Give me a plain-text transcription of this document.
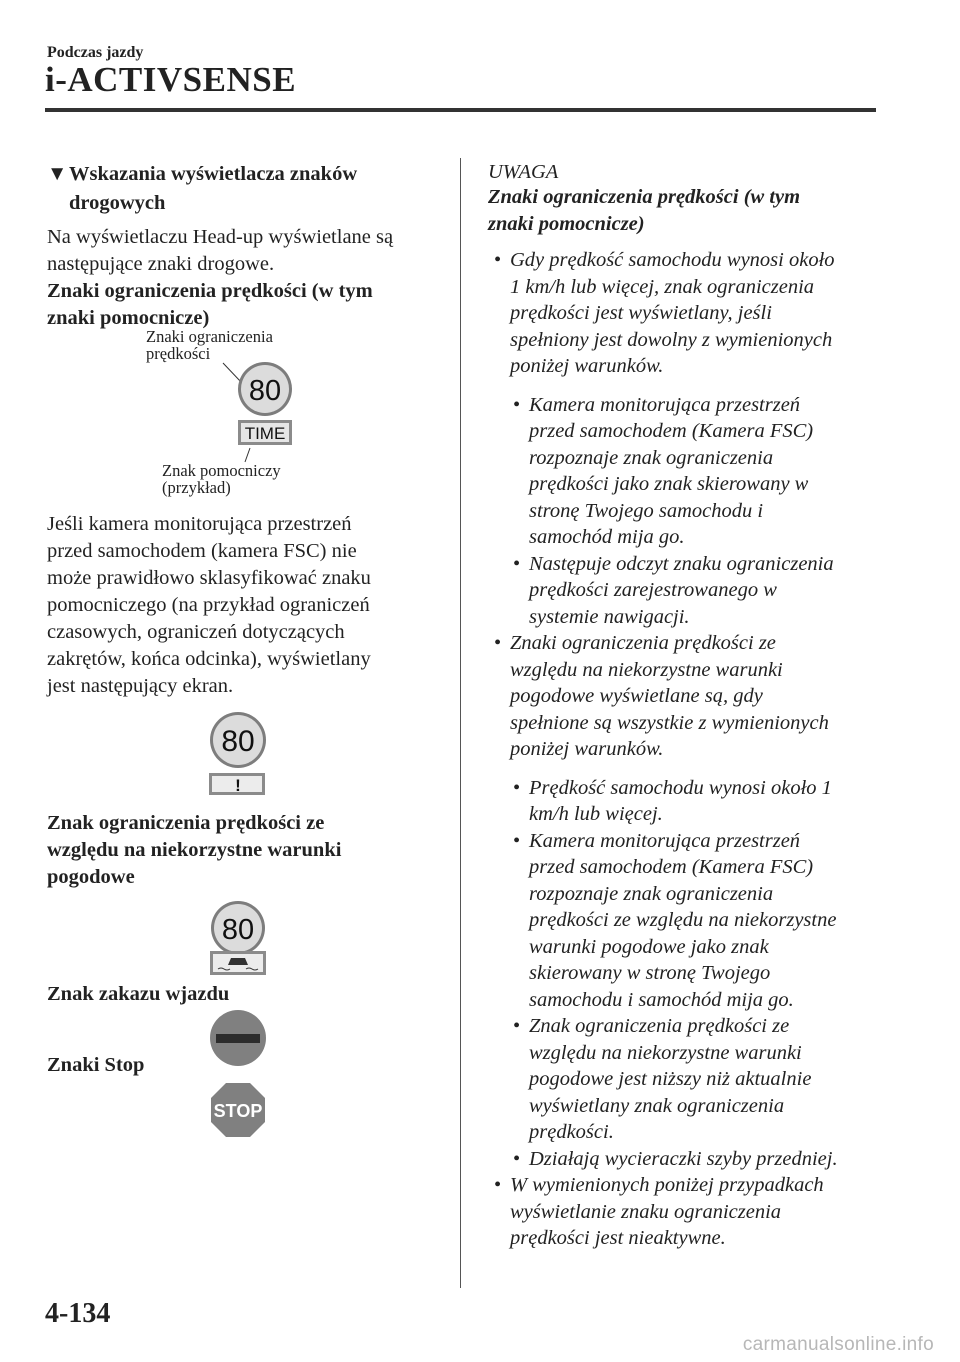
Podczas jazdy
i-ACTIVSENSE
▼Wskazania wyświetlacza znaków
drogowych

Na wyświetlaczu Head-up wyświetlane są
następujące znaki drogowe.

Znaki ograniczenia prędkości (w tym
znaki pomocnicze)

Znaki ograniczenia
prędkości
80
TIME
Znak pomocniczy
(przykład)

Jeśli kamera monitorująca przestrzeń
przed samochodem (kamera FSC) nie
może prawidłowo sklasyfikować znaku
pomocniczego (na przykład ograniczeń
czasowych, ograniczeń dotyczących
zakrętów, końca odcinka), wyświetlany
jest następujący ekran.

80
!

Znak ograniczenia prędkości ze
względu na niekorzystne warunki
pogodowe

80

Znak zakazu wjazdu

Znaki Stop

STOP
UWAGA
Znaki ograniczenia prędkości (w tym
znaki pomocnicze)
• Gdy prędkość samochodu wynosi około
1 km/h lub więcej, znak ograniczenia
prędkości jest wyświetlany, jeśli
spełniony jest dowolny z wymienionych
poniżej warunków.
• Kamera monitorująca przestrzeń
przed samochodem (Kamera FSC)
rozpoznaje znak ograniczenia
prędkości jako znak skierowany w
stronę Twojego samochodu i
samochód mija go.
• Następuje odczyt znaku ograniczenia
prędkości zarejestrowanego w
systemie nawigacji.
• Znaki ograniczenia prędkości ze
względu na niekorzystne warunki
pogodowe wyświetlane są, gdy
spełnione są wszystkie z wymienionych
poniżej warunków.
• Prędkość samochodu wynosi około 1
km/h lub więcej.
• Kamera monitorująca przestrzeń
przed samochodem (Kamera FSC)
rozpoznaje znak ograniczenia
prędkości ze względu na niekorzystne
warunki pogodowe jako znak
skierowany w stronę Twojego
samochodu i samochód mija go.
• Znak ograniczenia prędkości ze
względu na niekorzystne warunki
pogodowe jest niższy niż aktualnie
wyświetlany znak ograniczenia
prędkości.
• Działają wycieraczki szyby przedniej.
• W wymienionych poniżej przypadkach
wyświetlanie znaku ograniczenia
prędkości jest nieaktywne.
4-134
carmanualsonline.info
